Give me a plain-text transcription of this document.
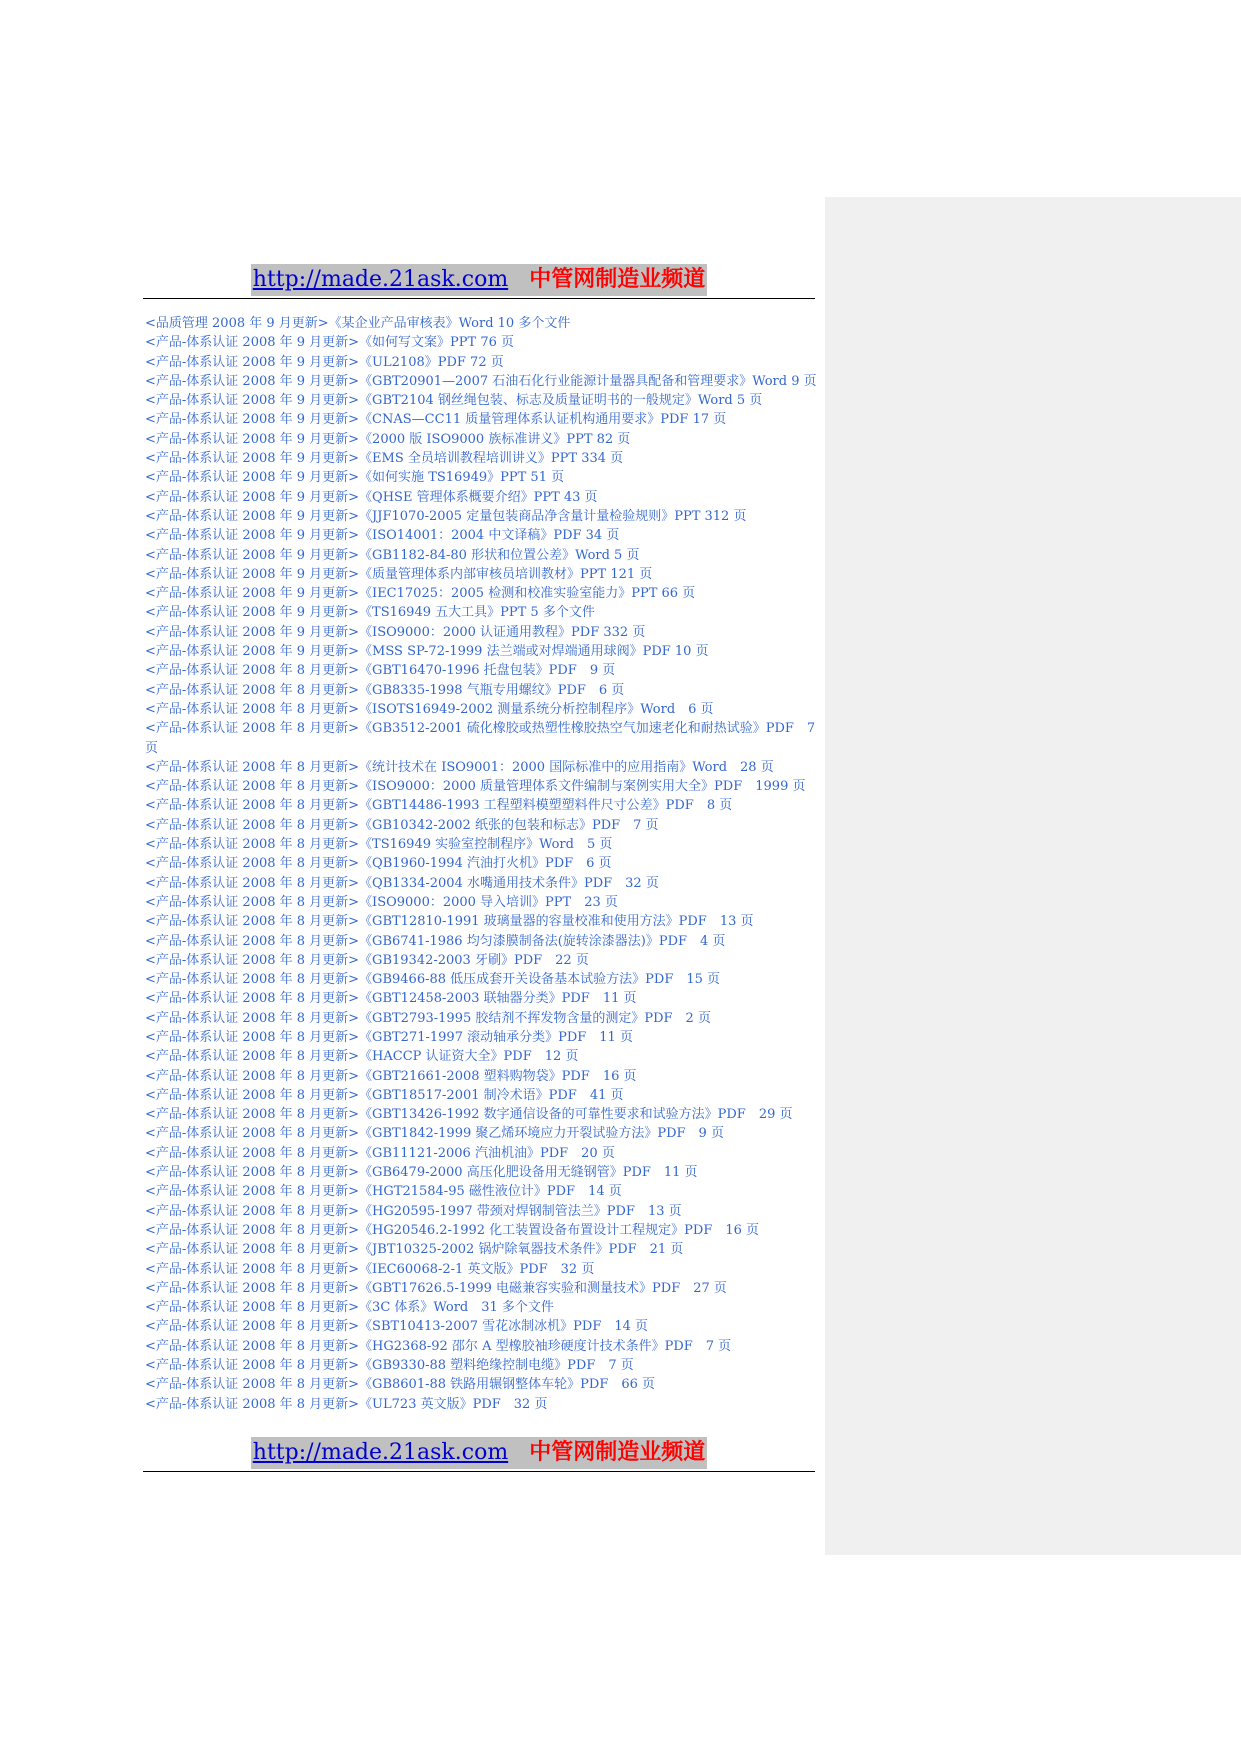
http://made.21ask.com 中管网制造业频道
<品质管理 2008 年 9 月更新>《某企业产品审核表》Word 10 多个文件
<产品-体系认证 2008 年 9 月更新>《如何写文案》PPT 76 页
<产品-体系认证 2008 年 9 月更新>《UL2108》PDF 72 页
<产品-体系认证 2008 年 9 月更新>《GBT20901—2007 石油石化行业能源计量器具配备和管理要求》Word 9 页
<产品-体系认证 2008 年 9 月更新>《GBT2104 钢丝绳包装、标志及质量证明书的一般规定》Word 5 页
<产品-体系认证 2008 年 9 月更新>《CNAS—CC11 质量管理体系认证机构通用要求》PDF 17 页
<产品-体系认证 2008 年 9 月更新>《2000 版 ISO9000 族标准讲义》PPT 82 页
<产品-体系认证 2008 年 9 月更新>《EMS 全员培训教程培训讲义》PPT 334 页
<产品-体系认证 2008 年 9 月更新>《如何实施 TS16949》PPT 51 页
<产品-体系认证 2008 年 9 月更新>《QHSE 管理体系概要介绍》PPT 43 页
<产品-体系认证 2008 年 9 月更新>《JJF1070-2005 定量包装商品净含量计量检验规则》PPT 312 页
<产品-体系认证 2008 年 9 月更新>《ISO14001：2004 中文译稿》PDF 34 页
<产品-体系认证 2008 年 9 月更新>《GB1182-84-80 形状和位置公差》Word 5 页
<产品-体系认证 2008 年 9 月更新>《质量管理体系内部审核员培训教材》PPT 121 页
<产品-体系认证 2008 年 9 月更新>《IEC17025：2005 检测和校准实验室能力》PPT 66 页
<产品-体系认证 2008 年 9 月更新>《TS16949 五大工具》PPT 5 多个文件
<产品-体系认证 2008 年 9 月更新>《ISO9000：2000 认证通用教程》PDF 332 页
<产品-体系认证 2008 年 9 月更新>《MSS SP-72-1999 法兰端或对焊端通用球阀》PDF 10 页
<产品-体系认证 2008 年 8 月更新>《GBT16470-1996 托盘包装》PDF　9 页
<产品-体系认证 2008 年 8 月更新>《GB8335-1998 气瓶专用螺纹》PDF　6 页
<产品-体系认证 2008 年 8 月更新>《ISOTS16949-2002 测量系统分析控制程序》Word　6 页
<产品-体系认证 2008 年 8 月更新>《GB3512-2001 硫化橡胶或热塑性橡胶热空气加速老化和耐热试验》PDF　7 页
<产品-体系认证 2008 年 8 月更新>《统计技术在 ISO9001：2000 国际标准中的应用指南》Word　28 页
<产品-体系认证 2008 年 8 月更新>《ISO9000：2000 质量管理体系文件编制与案例实用大全》PDF　1999 页
<产品-体系认证 2008 年 8 月更新>《GBT14486-1993 工程塑料模塑塑料件尺寸公差》PDF　8 页
<产品-体系认证 2008 年 8 月更新>《GB10342-2002 纸张的包装和标志》PDF　7 页
<产品-体系认证 2008 年 8 月更新>《TS16949 实验室控制程序》Word　5 页
<产品-体系认证 2008 年 8 月更新>《QB1960-1994 汽油打火机》PDF　6 页
<产品-体系认证 2008 年 8 月更新>《QB1334-2004 水嘴通用技术条件》PDF　32 页
<产品-体系认证 2008 年 8 月更新>《ISO9000：2000 导入培训》PPT　23 页
<产品-体系认证 2008 年 8 月更新>《GBT12810-1991 玻璃量器的容量校准和使用方法》PDF　13 页
<产品-体系认证 2008 年 8 月更新>《GB6741-1986 均匀漆膜制备法(旋转涂漆器法)》PDF　4 页
<产品-体系认证 2008 年 8 月更新>《GB19342-2003 牙刷》PDF　22 页
<产品-体系认证 2008 年 8 月更新>《GB9466-88 低压成套开关设备基本试验方法》PDF　15 页
<产品-体系认证 2008 年 8 月更新>《GBT12458-2003 联轴器分类》PDF　11 页
<产品-体系认证 2008 年 8 月更新>《GBT2793-1995 胶结剂不挥发物含量的测定》PDF　2 页
<产品-体系认证 2008 年 8 月更新>《GBT271-1997 滚动轴承分类》PDF　11 页
<产品-体系认证 2008 年 8 月更新>《HACCP 认证资大全》PDF　12 页
<产品-体系认证 2008 年 8 月更新>《GBT21661-2008 塑料购物袋》PDF　16 页
<产品-体系认证 2008 年 8 月更新>《GBT18517-2001 制冷术语》PDF　41 页
<产品-体系认证 2008 年 8 月更新>《GBT13426-1992 数字通信设备的可靠性要求和试验方法》PDF　29 页
<产品-体系认证 2008 年 8 月更新>《GBT1842-1999 聚乙烯环境应力开裂试验方法》PDF　9 页
<产品-体系认证 2008 年 8 月更新>《GB11121-2006 汽油机油》PDF　20 页
<产品-体系认证 2008 年 8 月更新>《GB6479-2000 高压化肥设备用无缝钢管》PDF　11 页
<产品-体系认证 2008 年 8 月更新>《HGT21584-95 磁性液位计》PDF　14 页
<产品-体系认证 2008 年 8 月更新>《HG20595-1997 带颈对焊钢制管法兰》PDF　13 页
<产品-体系认证 2008 年 8 月更新>《HG20546.2-1992 化工装置设备布置设计工程规定》PDF　16 页
<产品-体系认证 2008 年 8 月更新>《JBT10325-2002 锅炉除氧器技术条件》PDF　21 页
<产品-体系认证 2008 年 8 月更新>《IEC60068-2-1 英文版》PDF　32 页
<产品-体系认证 2008 年 8 月更新>《GBT17626.5-1999 电磁兼容实验和测量技术》PDF　27 页
<产品-体系认证 2008 年 8 月更新>《3C 体系》Word　31 多个文件
<产品-体系认证 2008 年 8 月更新>《SBT10413-2007 雪花冰制冰机》PDF　14 页
<产品-体系认证 2008 年 8 月更新>《HG2368-92 邵尔 A 型橡胶袖珍硬度计技术条件》PDF　7 页
<产品-体系认证 2008 年 8 月更新>《GB9330-88 塑料绝缘控制电缆》PDF　7 页
<产品-体系认证 2008 年 8 月更新>《GB8601-88 铁路用辗钢整体车轮》PDF　66 页
<产品-体系认证 2008 年 8 月更新>《UL723 英文版》PDF　32 页
http://made.21ask.com 中管网制造业频道
